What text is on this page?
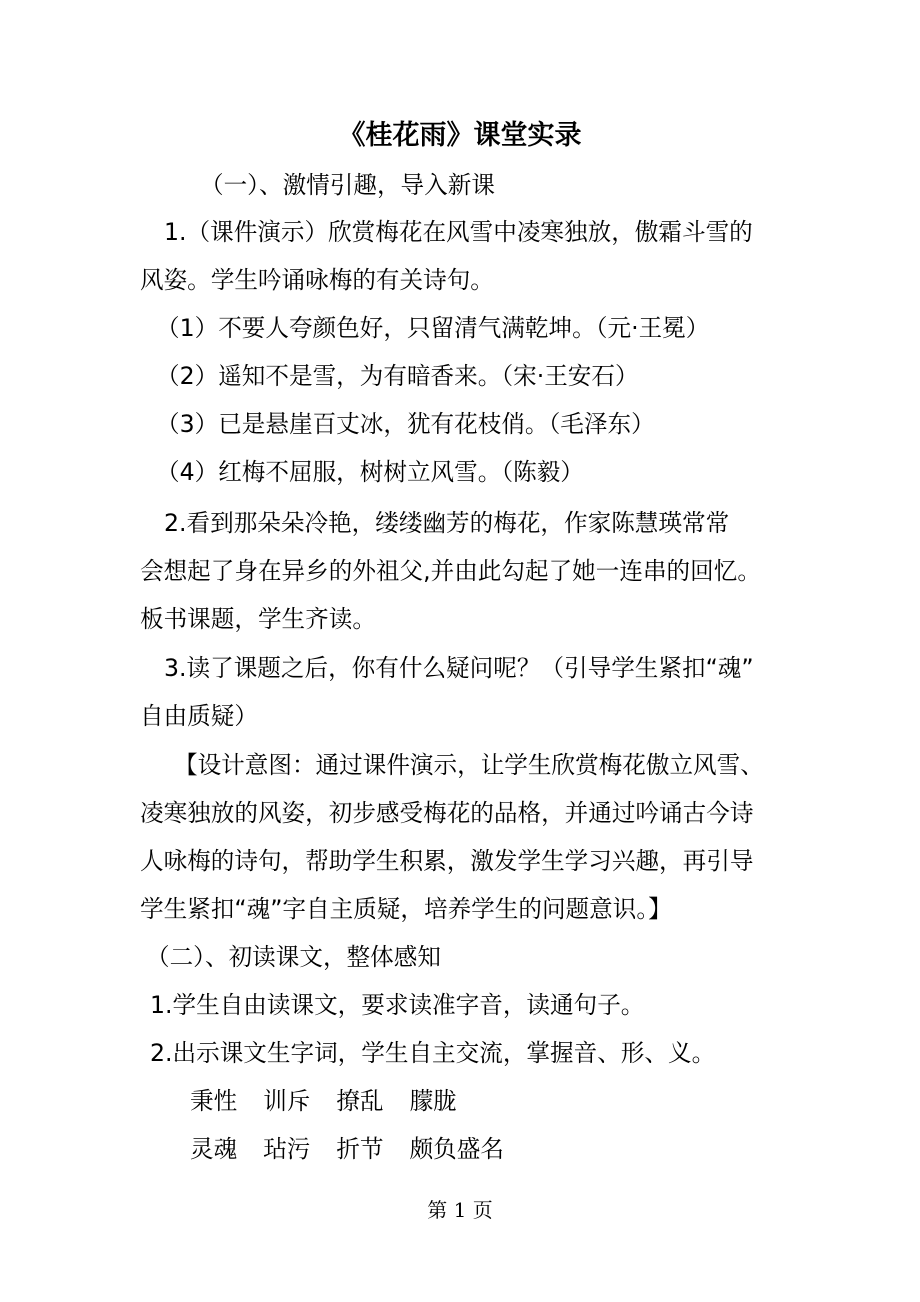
《桂花雨》课堂实录
（一）、激情引趣，导入新课
1.（课件演示）欣赏梅花在风雪中凌寒独放，傲霜斗雪的
风姿。学生吟诵咏梅的有关诗句。
（1）不要人夸颜色好，只留清气满乾坤。（元·王冕）
（2）遥知不是雪，为有暗香来。（宋·王安石）
（3）已是悬崖百丈冰，犹有花枝俏。（毛泽东）
（4）红梅不屈服，树树立风雪。（陈毅）
2.看到那朵朵冷艳，缕缕幽芳的梅花，作家陈慧瑛常常
会想起了身在异乡的外祖父,并由此勾起了她一连串的回忆。
板书课题，学生齐读。
3.读了课题之后，你有什么疑问呢？（引导学生紧扣“魂”
自由质疑）
【设计意图：通过课件演示，让学生欣赏梅花傲立风雪、
凌寒独放的风姿，初步感受梅花的品格，并通过吟诵古今诗
人咏梅的诗句，帮助学生积累，激发学生学习兴趣，再引导
学生紧扣“魂”字自主质疑，培养学生的问题意识。】
（二）、初读课文，整体感知
1.学生自由读课文，要求读准字音，读通句子。
2.出示课文生字词，学生自主交流，掌握音、形、义。
秉性 训斥 撩乱 朦胧
灵魂 玷污 折节 颇负盛名
第 1 页
